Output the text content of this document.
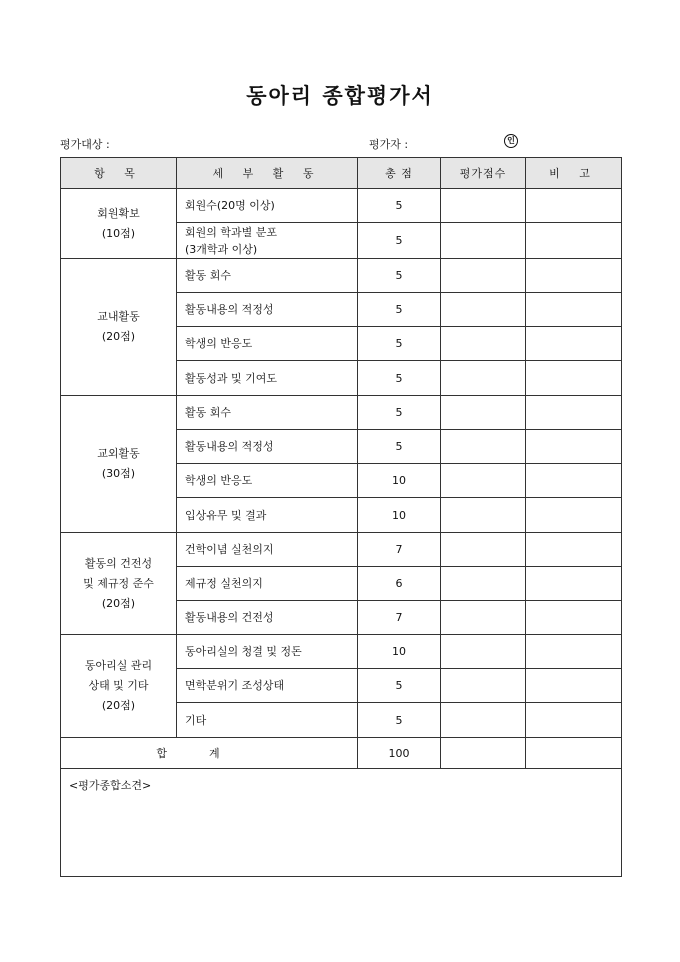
동아리 종합평가서
평가대상 :	평가자 :	인
항 목	세 부 활 동	총 점	평가점수	비 고

회원확보
(10점)	회원수(20명 이상)	5		

	회원의 학과별 분포
(3개학과 이상)	5		

교내활동
(20점)	활동 회수	5		
	활동내용의 적정성	5		
	학생의 반응도	5		
	활동성과 및 기여도	5		

교외활동
(30점)	활동 회수	5		
	활동내용의 적정성	5		
	학생의 반응도	10		
	입상유무 및 결과	10		

활동의 건전성
및 제규정 준수
(20점)	건학이념 실천의지	7		
	제규정 실천의지	6		
	활동내용의 건전성	7		

동아리실 관리
상태 및 기타
(20점)	동아리실의 청결 및 정돈	10		
	면학분위기 조성상태	5		
	기타	5		
합계		100		
<평가종합소견>				
